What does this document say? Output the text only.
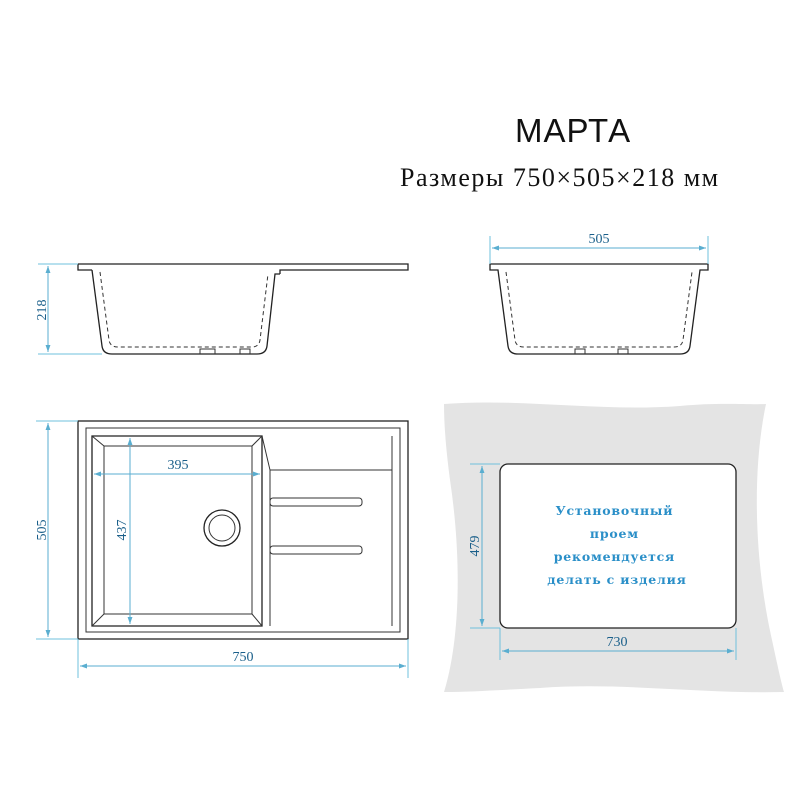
МАРТА
Размеры 750×505×218 мм
218
505
395
437
505
750
Установочный проем рекомендуется делать с изделия
479
730
